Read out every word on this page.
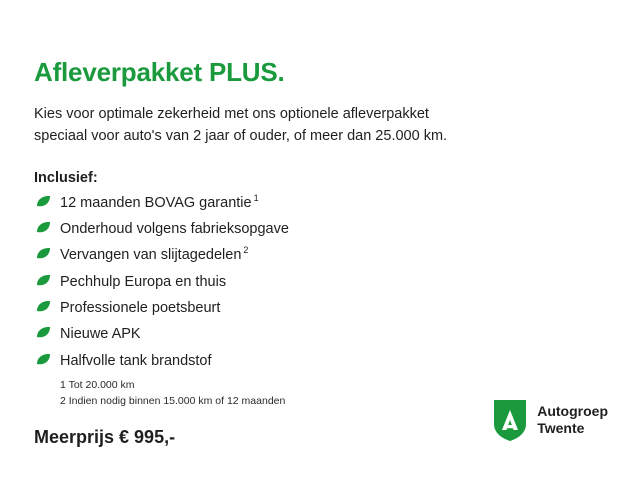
Afleverpakket PLUS.

Kies voor optimale zekerheid met ons optionele afleverpakket
speciaal voor auto's van 2 jaar of ouder, of meer dan 25.000 km.

Inclusief:
12 maanden BOVAG garantie $^1$
Onderhoud volgens fabrieksopgave
Vervangen van slijtagedelen $^2$
Pechhulp Europa en thuis
Professionele poetsbeurt
Nieuwe APK
Halfvolle tank brandstof
1 Tot 20.000 km
2 Indien nodig binnen 15.000 km of 12 maanden
Meerprijs € 995,-
Autogroep
Twente
